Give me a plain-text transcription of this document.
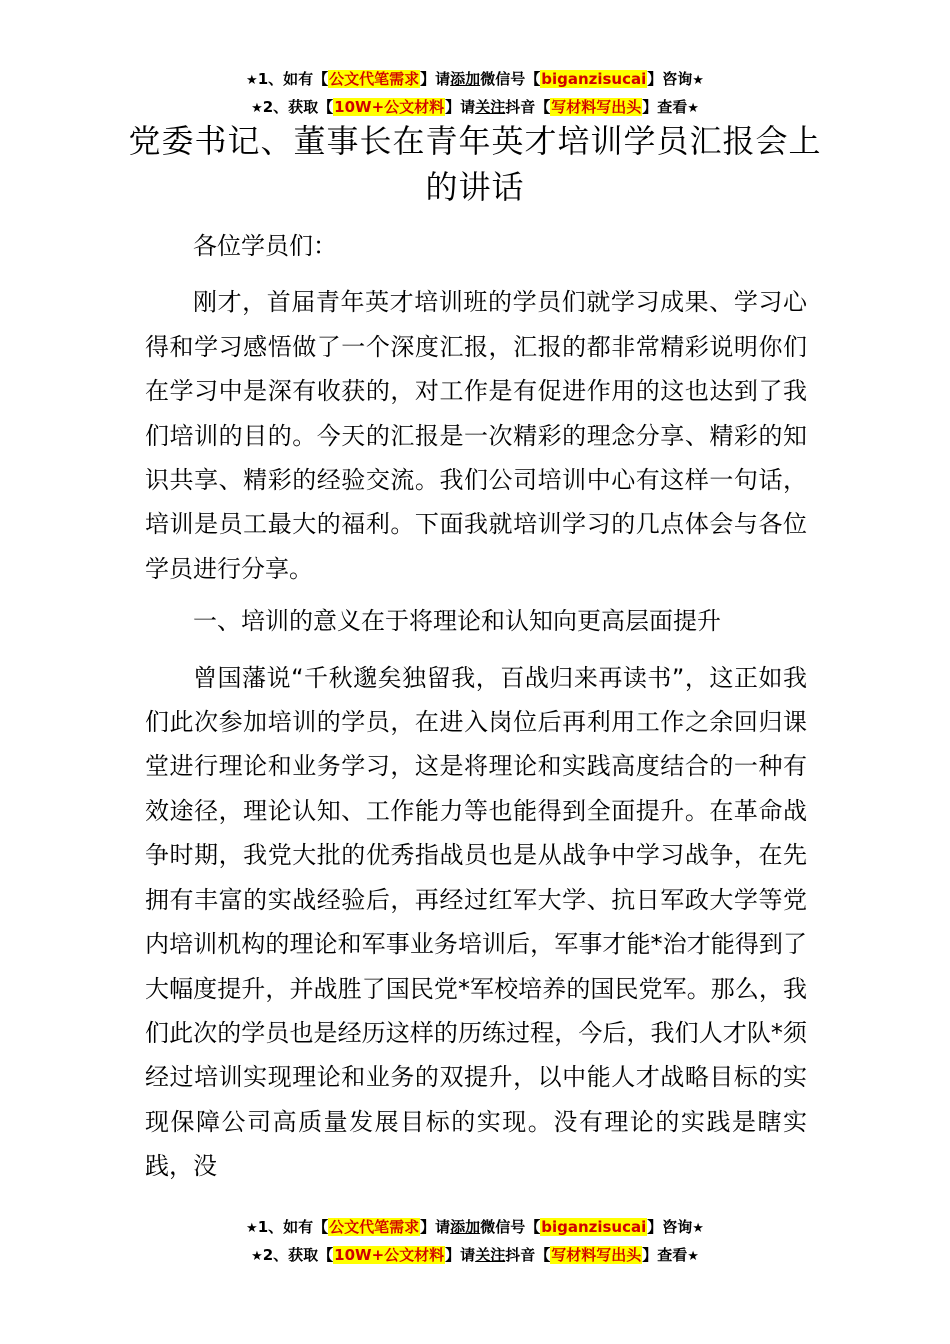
★1、如有【公文代笔需求】请添加微信号【biganzisucai】咨询★
★2、获取【10W+公文材料】请关注抖音【写材料写出头】查看★
党委书记、董事长在青年英才培训学员汇报会上的讲话

各位学员们：

刚才，首届青年英才培训班的学员们就学习成果、学习心得和学习感悟做了一个深度汇报，汇报的都非常精彩说明你们在学习中是深有收获的，对工作是有促进作用的这也达到了我们培训的目的。今天的汇报是一次精彩的理念分享、精彩的知识共享、精彩的经验交流。我们公司培训中心有这样一句话，培训是员工最大的福利。下面我就培训学习的几点体会与各位学员进行分享。

一、培训的意义在于将理论和认知向更高层面提升

曾国藩说“千秋邈矣独留我，百战归来再读书”，这正如我们此次参加培训的学员，在进入岗位后再利用工作之余回归课堂进行理论和业务学习，这是将理论和实践高度结合的一种有效途径，理论认知、工作能力等也能得到全面提升。在革命战争时期，我党大批的优秀指战员也是从战争中学习战争，在先拥有丰富的实战经验后，再经过红军大学、抗日军政大学等党内培训机构的理论和军事业务培训后，军事才能*治才能得到了大幅度提升，并战胜了国民党*军校培养的国民党军。那么，我们此次的学员也是经历这样的历练过程，今后，我们人才队*须经过培训实现理论和业务的双提升，以中能人才战略目标的实现保障公司高质量发展目标的实现。没有理论的实践是瞎实践，没

★1、如有【公文代笔需求】请添加微信号【biganzisucai】咨询★
★2、获取【10W+公文材料】请关注抖音【写材料写出头】查看★
